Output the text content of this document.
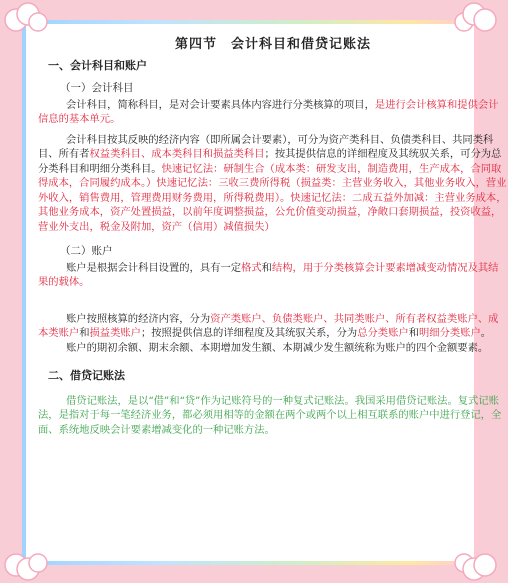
第四节　会计科目和借贷记账法
一、会计科目和账户
（一）会计科目

会计科目，简称科目，是对会计要素具体内容进行分类核算的项目，是进行会计核算和提供会计信息的基本单元。

会计科目按其反映的经济内容（即所属会计要素），可分为资产类科目、负债类科目、共同类科目、所有者权益类科目、成本类科目和损益类科目；按其提供信息的详细程度及其统驭关系，可分为总分类科目和明细分类科目。快速记忆法：研制生合（成本类：研发支出，制造费用，生产成本，合同取得成本，合同履约成本。）快速记忆法：三收三费所得税（损益类：主营业务收入，其他业务收入，营业外收入，销售费用，管理费用财务费用，所得税费用）。快速记忆法：二成五益外加减：主营业务成本，其他业务成本，资产处置损益，以前年度调整损益，公允价值变动损益，净敞口套期损益，投资收益，营业外支出，税金及附加，资产（信用）减值损失）

（二）账户

账户是根据会计科目设置的，具有一定格式和结构，用于分类核算会计要素增减变动情况及其结果的载体。

账户按照核算的经济内容，分为资产类账户、负债类账户、共同类账户、所有者权益类账户、成本类账户和损益类账户；按照提供信息的详细程度及其统驭关系，分为总分类账户和明细分类账户。

账户的期初余额、期末余额、本期增加发生额、本期减少发生额统称为账户的四个金额要素。

二、借贷记账法

借贷记账法，是以“借”和“贷”作为记账符号的一种复式记账法。我国采用借贷记账法。复式记账法，是指对于每一笔经济业务，都必须用相等的金额在两个或两个以上相互联系的账户中进行登记，全面、系统地反映会计要素增减变化的一种记账方法。
